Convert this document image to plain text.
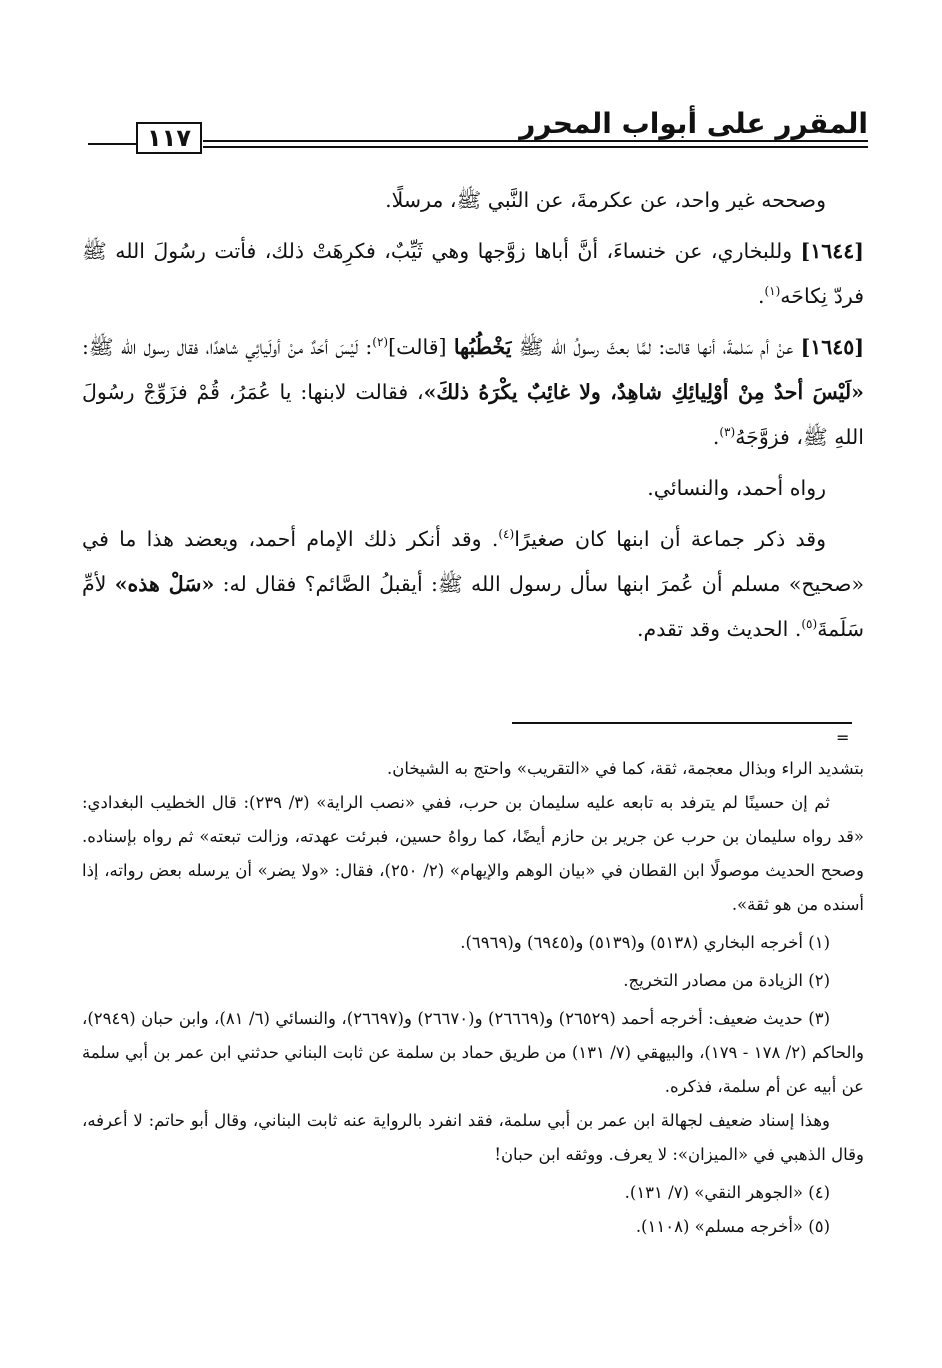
١١٧	المقرر على أبواب المحرر

وصححه غير واحد، عن عكرمةَ، عن النَّبي ﷺ، مرسلًا.

[١٦٤٤] وللبخاري، عن خنساءَ، أنَّ أباها زوَّجها وهي ثَيِّبٌ، فكرِهَتْ ذلك، فأتت رسُولَ الله ﷺ فردّ نِكاحَه$^{(١)}$.

[١٦٤٥] عنْ أم سَلمةَ، أنها قالت: لمَّا بعثَ رسولُ الله ﷺ يَخْطُبُها [قالت]$^{(٢)}$: لَيْسَ أحَدٌ منْ أولَيائِي شاهدًا، فقال رسول الله ﷺ: «لَيْسَ أحدٌ مِنْ أوْلِيائِكِ شاهِدٌ، ولا غائِبٌ يكْرَهُ ذلكَ»، فقالت لابنها: يا عُمَرُ، قُمْ فزَوِّجْ رسُولَ اللهِ ﷺ، فزوَّجَهُ$^{(٣)}$.

رواه أحمد، والنسائي.

وقد ذكر جماعة أن ابنها كان صغيرًا$^{(٤)}$. وقد أنكر ذلك الإمام أحمد، ويعضد هذا ما في «صحيح» مسلم أن عُمرَ ابنها سأل رسول الله ﷺ: أيقبلُ الصَّائم؟ فقال له: «سَلْ هذه» لأمِّ سَلَمةَ$^{(٥)}$. الحديث وقد تقدم.

=

بتشديد الراء وبذال معجمة، ثقة، كما في «التقريب» واحتج به الشيخان.

ثم إن حسينًا لم يترفد به تابعه عليه سليمان بن حرب، ففي «نصب الراية» (٣/ ٢٣٩): قال الخطيب البغدادي: «قد رواه سليمان بن حرب عن جرير بن حازم أيضًا، كما رواهُ حسين، فبرئت عهدته، وزالت تبعته» ثم رواه بإسناده. وصحح الحديث موصولًا ابن القطان في «بيان الوهم والإيهام» (٢/ ٢٥٠)، فقال: «ولا يضر» أن يرسله بعض رواته، إذا أسنده من هو ثقة».

(١) أخرجه البخاري (٥١٣٨) و(٥١٣٩) و(٦٩٤٥) و(٦٩٦٩).

(٢) الزيادة من مصادر التخريج.

(٣) حديث ضعيف: أخرجه أحمد (٢٦٥٢٩) و(٢٦٦٦٩) و(٢٦٦٧٠) و(٢٦٦٩٧)، والنسائي (٦/ ٨١)، وابن حبان (٢٩٤٩)، والحاكم (٢/ ١٧٨ - ١٧٩)، والبيهقي (٧/ ١٣١) من طريق حماد بن سلمة عن ثابت البناني حدثني ابن عمر بن أبي سلمة عن أبيه عن أم سلمة، فذكره.

وهذا إسناد ضعيف لجهالة ابن عمر بن أبي سلمة، فقد انفرد بالرواية عنه ثابت البناني، وقال أبو حاتم: لا أعرفه، وقال الذهبي في «الميزان»: لا يعرف. ووثقه ابن حبان!

(٤) «الجوهر النقي» (٧/ ١٣١).

(٥) «أخرجه مسلم» (١١٠٨).
